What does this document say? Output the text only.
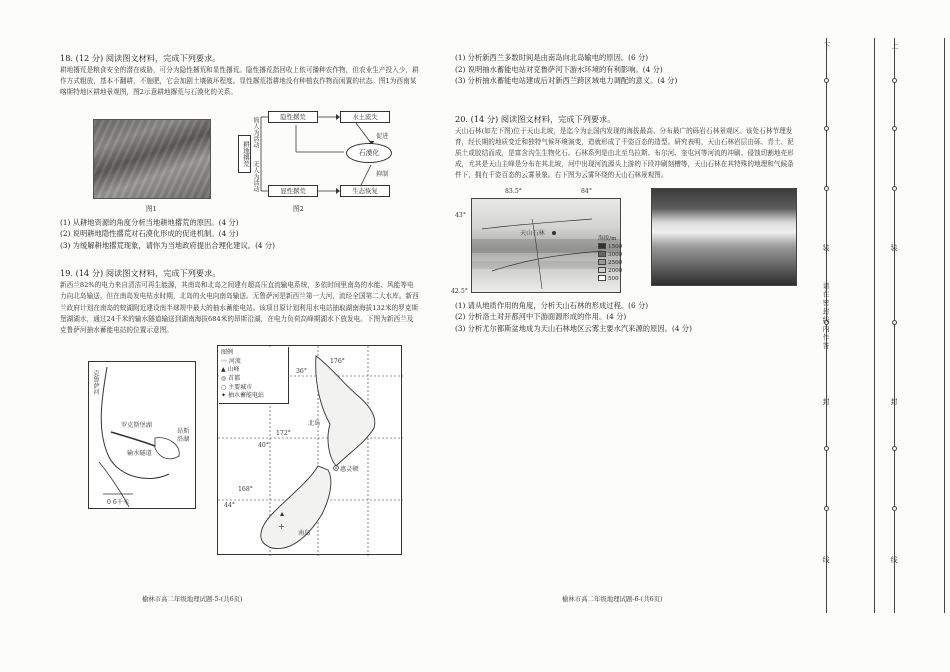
18. (12 分) 阅读图文材料，完成下列要求。
耕地撂荒是粮食安全的潜在威胁，可分为隐性撂荒和显性撂荒。隐性撂荒指回收上依可播种农作物，但农业生产投入少，耕作方式粗放，基本不翻耕，不施肥，它会加剧土壤破坏程度。显性撂荒指耕地没有种植农作物而闲置的状态。图1为西南某喀斯特地区耕地景观图，图2示意耕地撂荒与石漠化的关系。
图1
耕地撂荒
简人为活动
无人为活动
隐性撂荒	水土流失
促进
石漠化
抑制
显性撂荒	生态恢复
图2
(1) 从耕地资源的角度分析当地耕地撂荒的原因。(4 分)
(2) 说明耕地隐性撂荒对石漠化形成的促进机制。(4 分)
(3) 为缓解耕地撂荒现象，请你为当地政府提出合理化建议。(4 分)
19. (14 分) 阅读图文材料，完成下列要求。
新西兰82%的电力来自清洁可再生能源，其南岛和北岛之间建有超高压直流输电系统，多依时间里南岛的水能、风能等电力向北岛输送，但在南岛发电枯水时期，北岛的火电向南岛输送。无鲁萨河是新西兰第一大河，流经全国第二大水库。新西兰政府计划在南岛的蛟湖附近建设南半球规中最大的抽水蓄能电站。该项目原计划利用水电站抽取湖南海拔132米的罗克斯堡湖湖水，通过24千米的输水隧道输送到湖南海拔684米的昂斯沿湖，在电力负荷高峰期湖水下放发电。下图为新西兰及克鲁萨河抽水蓄能电站的位置示意图。
克鲁萨河
罗克斯堡湖
输水隧道
昂斯沿湖
0 6千米
+
图例
〰 河流
▲ 山峰
◎ 首都
○ 主要城市
✦ 抽水蓄能电站
176°
36°
北岛
172°
40°
惠灵顿
168°
44°
南岛
榆林市高二年级地理试题-5-(共6页)
(1) 分析新西兰多数时间是由南岛向北岛输电的原因。(6 分)
(2) 说明抽水蓄能电站对克鲁萨河下游水环境的有利影响。(4 分)
(3) 分析抽水蓄能电站建成后对新西兰跨区域电力调配的意义。(4 分)
20. (14 分) 阅读图文材料，完成下列要求。
天山石林(如左下图)位于天山北坡，是迄今为止国内发现的海拔最高、分布最广的砾岩石林景观区。该处石林节理发育，经长期的地质变迁和独特气候环境演变，造就形成了千姿百态的造型。研究表明，天山石林岩层由砾、青土、泥质土或胶结而成，是富含沟生生物化石。石林系列是由北至乌拉斯、布尔河、奎屯河等河流的冲刷、侵蚀切割地壳形成，尤其是天山主峰是分布在其北坡，河中出现河流源头上游的下段冲刷刻槽等，天山石林在其特殊的地理和气候条件下，拥有千姿百态的云雾景象。右下图为云雾环绕的天山石林景观图。
83.5°	84°
43°
42.5°
天山石林
海拔/m
1500
3000
2500
2000
500
(1) 请从地质作用的角度，分析天山石林的形成过程。(6 分)
(2) 分析洛土对开都河中下游面源形成的作用。(4 分)
(3) 分析尤尔都斯盆地成为天山石林地区云雾主要水汽来源的原因。(4 分)
榆林市高二年级地理试题-6-(共6页)
下	上
装
请在密封线内作答
封
装
封
线	线
